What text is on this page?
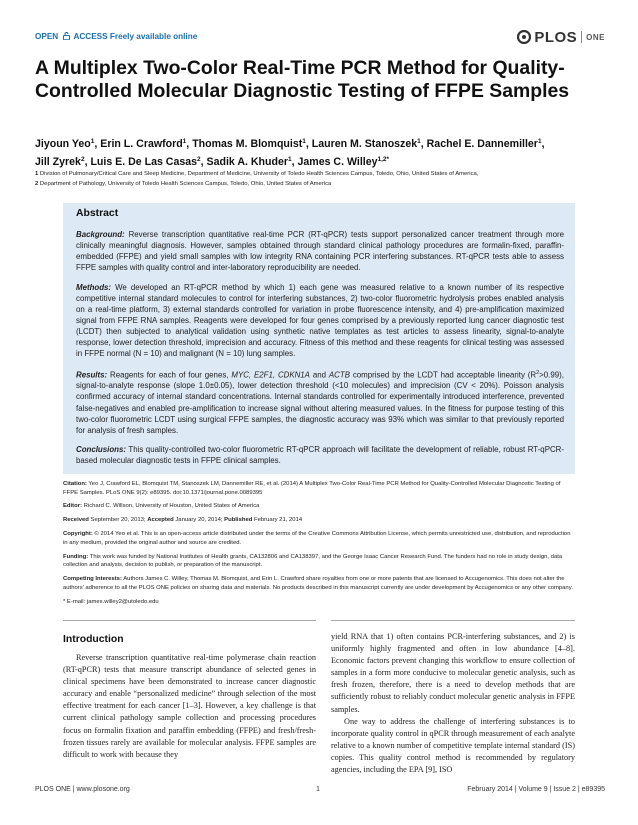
OPEN ACCESS Freely available online	PLOS ONE
A Multiplex Two-Color Real-Time PCR Method for Quality-Controlled Molecular Diagnostic Testing of FFPE Samples
Jiyoun Yeo$^1$, Erin L. Crawford$^1$, Thomas M. Blomquist$^1$, Lauren M. Stanoszek$^1$, Rachel E. Dannemiller$^1$,
Jill Zyrek$^2$, Luis E. De Las Casas$^2$, Sadik A. Khuder$^1$, James C. Willey$^{1,2*}$
1 Division of Pulmonary/Critical Care and Sleep Medicine, Department of Medicine, University of Toledo Health Sciences Campus, Toledo, Ohio, United States of America,
2 Department of Pathology, University of Toledo Health Sciences Campus, Toledo, Ohio, United States of America
Abstract

Background: Reverse transcription quantitative real-time PCR (RT-qPCR) tests support personalized cancer treatment through more clinically meaningful diagnosis. However, samples obtained through standard clinical pathology procedures are formalin-fixed, paraffin-embedded (FFPE) and yield small samples with low integrity RNA containing PCR interfering substances. RT-qPCR tests able to assess FFPE samples with quality control and inter-laboratory reproducibility are needed.

Methods: We developed an RT-qPCR method by which 1) each gene was measured relative to a known number of its respective competitive internal standard molecules to control for interfering substances, 2) two-color fluorometric hydrolysis probes enabled analysis on a real-time platform, 3) external standards controlled for variation in probe fluorescence intensity, and 4) pre-amplification maximized signal from FFPE RNA samples. Reagents were developed for four genes comprised by a previously reported lung cancer diagnostic test (LCDT) then subjected to analytical validation using synthetic native templates as test articles to assess linearity, signal-to-analyte response, lower detection threshold, imprecision and accuracy. Fitness of this method and these reagents for clinical testing was assessed in FFPE normal (N = 10) and malignant (N = 10) lung samples.

Results: Reagents for each of four genes, MYC, E2F1, CDKN1A and ACTB comprised by the LCDT had acceptable linearity $(R^2>0.99)$, signal-to-analyte response (slope 1.0±0.05), lower detection threshold (<10 molecules) and imprecision (CV < 20%). Poisson analysis confirmed accuracy of internal standard concentrations. Internal standards controlled for experimentally introduced interference, prevented false-negatives and enabled pre-amplification to increase signal without altering measured values. In the fitness for purpose testing of this two-color fluorometric LCDT using surgical FFPE samples, the diagnostic accuracy was 93% which was similar to that previously reported for analysis of fresh samples.

Conclusions: This quality-controlled two-color fluorometric RT-qPCR approach will facilitate the development of reliable, robust RT-qPCR-based molecular diagnostic tests in FFPE clinical samples.

Citation: Yeo J, Crawford EL, Blomquist TM, Stanoszek LM, Dannemiller RE, et al. (2014) A Multiplex Two-Color Real-Time PCR Method for Quality-Controlled Molecular Diagnostic Testing of FFPE Samples. PLoS ONE 9(2): e89395. doi:10.1371/journal.pone.0089395

Editor: Richard C. Willson, University of Houston, United States of America

Received September 20, 2013; Accepted January 20, 2014; Published February 21, 2014

Copyright: © 2014 Yeo et al. This is an open-access article distributed under the terms of the Creative Commons Attribution License, which permits unrestricted use, distribution, and reproduction in any medium, provided the original author and source are credited.

Funding: This work was funded by National Institutes of Health grants, CA132806 and CA138397, and the George Isaac Cancer Research Fund. The funders had no role in study design, data collection and analysis, decision to publish, or preparation of the manuscript.

Competing Interests: Authors James C. Willey, Thomas M. Blomquist, and Erin L. Crawford share royalties from one or more patents that are licensed to Accugenomics. This does not alter the authors' adherence to all the PLOS ONE policies on sharing data and materials. No products described in this manuscript currently are under development by Accugenomics or any other company.

* E-mail: james.willey2@utoledo.edu

Introduction

Reverse transcription quantitative real-time polymerase chain reaction (RT-qPCR) tests that measure transcript abundance of selected genes in clinical specimens have been demonstrated to increase cancer diagnostic accuracy and enable “personalized medicine” through selection of the most effective treatment for each cancer [1–3]. However, a key challenge is that current clinical pathology sample collection and processing procedures focus on formalin fixation and paraffin embedding (FFPE) and fresh/fresh-frozen tissues rarely are available for molecular analysis. FFPE samples are difficult to work with because they

yield RNA that 1) often contains PCR-interfering substances, and 2) is uniformly highly fragmented and often in low abundance [4–8]. Economic factors prevent changing this workflow to ensure collection of samples in a form more conducive to molecular genetic analysis, such as fresh frozen, therefore, there is a need to develop methods that are sufficiently robust to reliably conduct molecular genetic analysis in FFPE samples.

One way to address the challenge of interfering substances is to incorporate quality control in qPCR through measurement of each analyte relative to a known number of competitive template internal standard (IS) copies. This quality control method is recommended by regulatory agencies, including the EPA [9], ISO

PLOS ONE | www.plosone.org	1	February 2014 | Volume 9 | Issue 2 | e89395
